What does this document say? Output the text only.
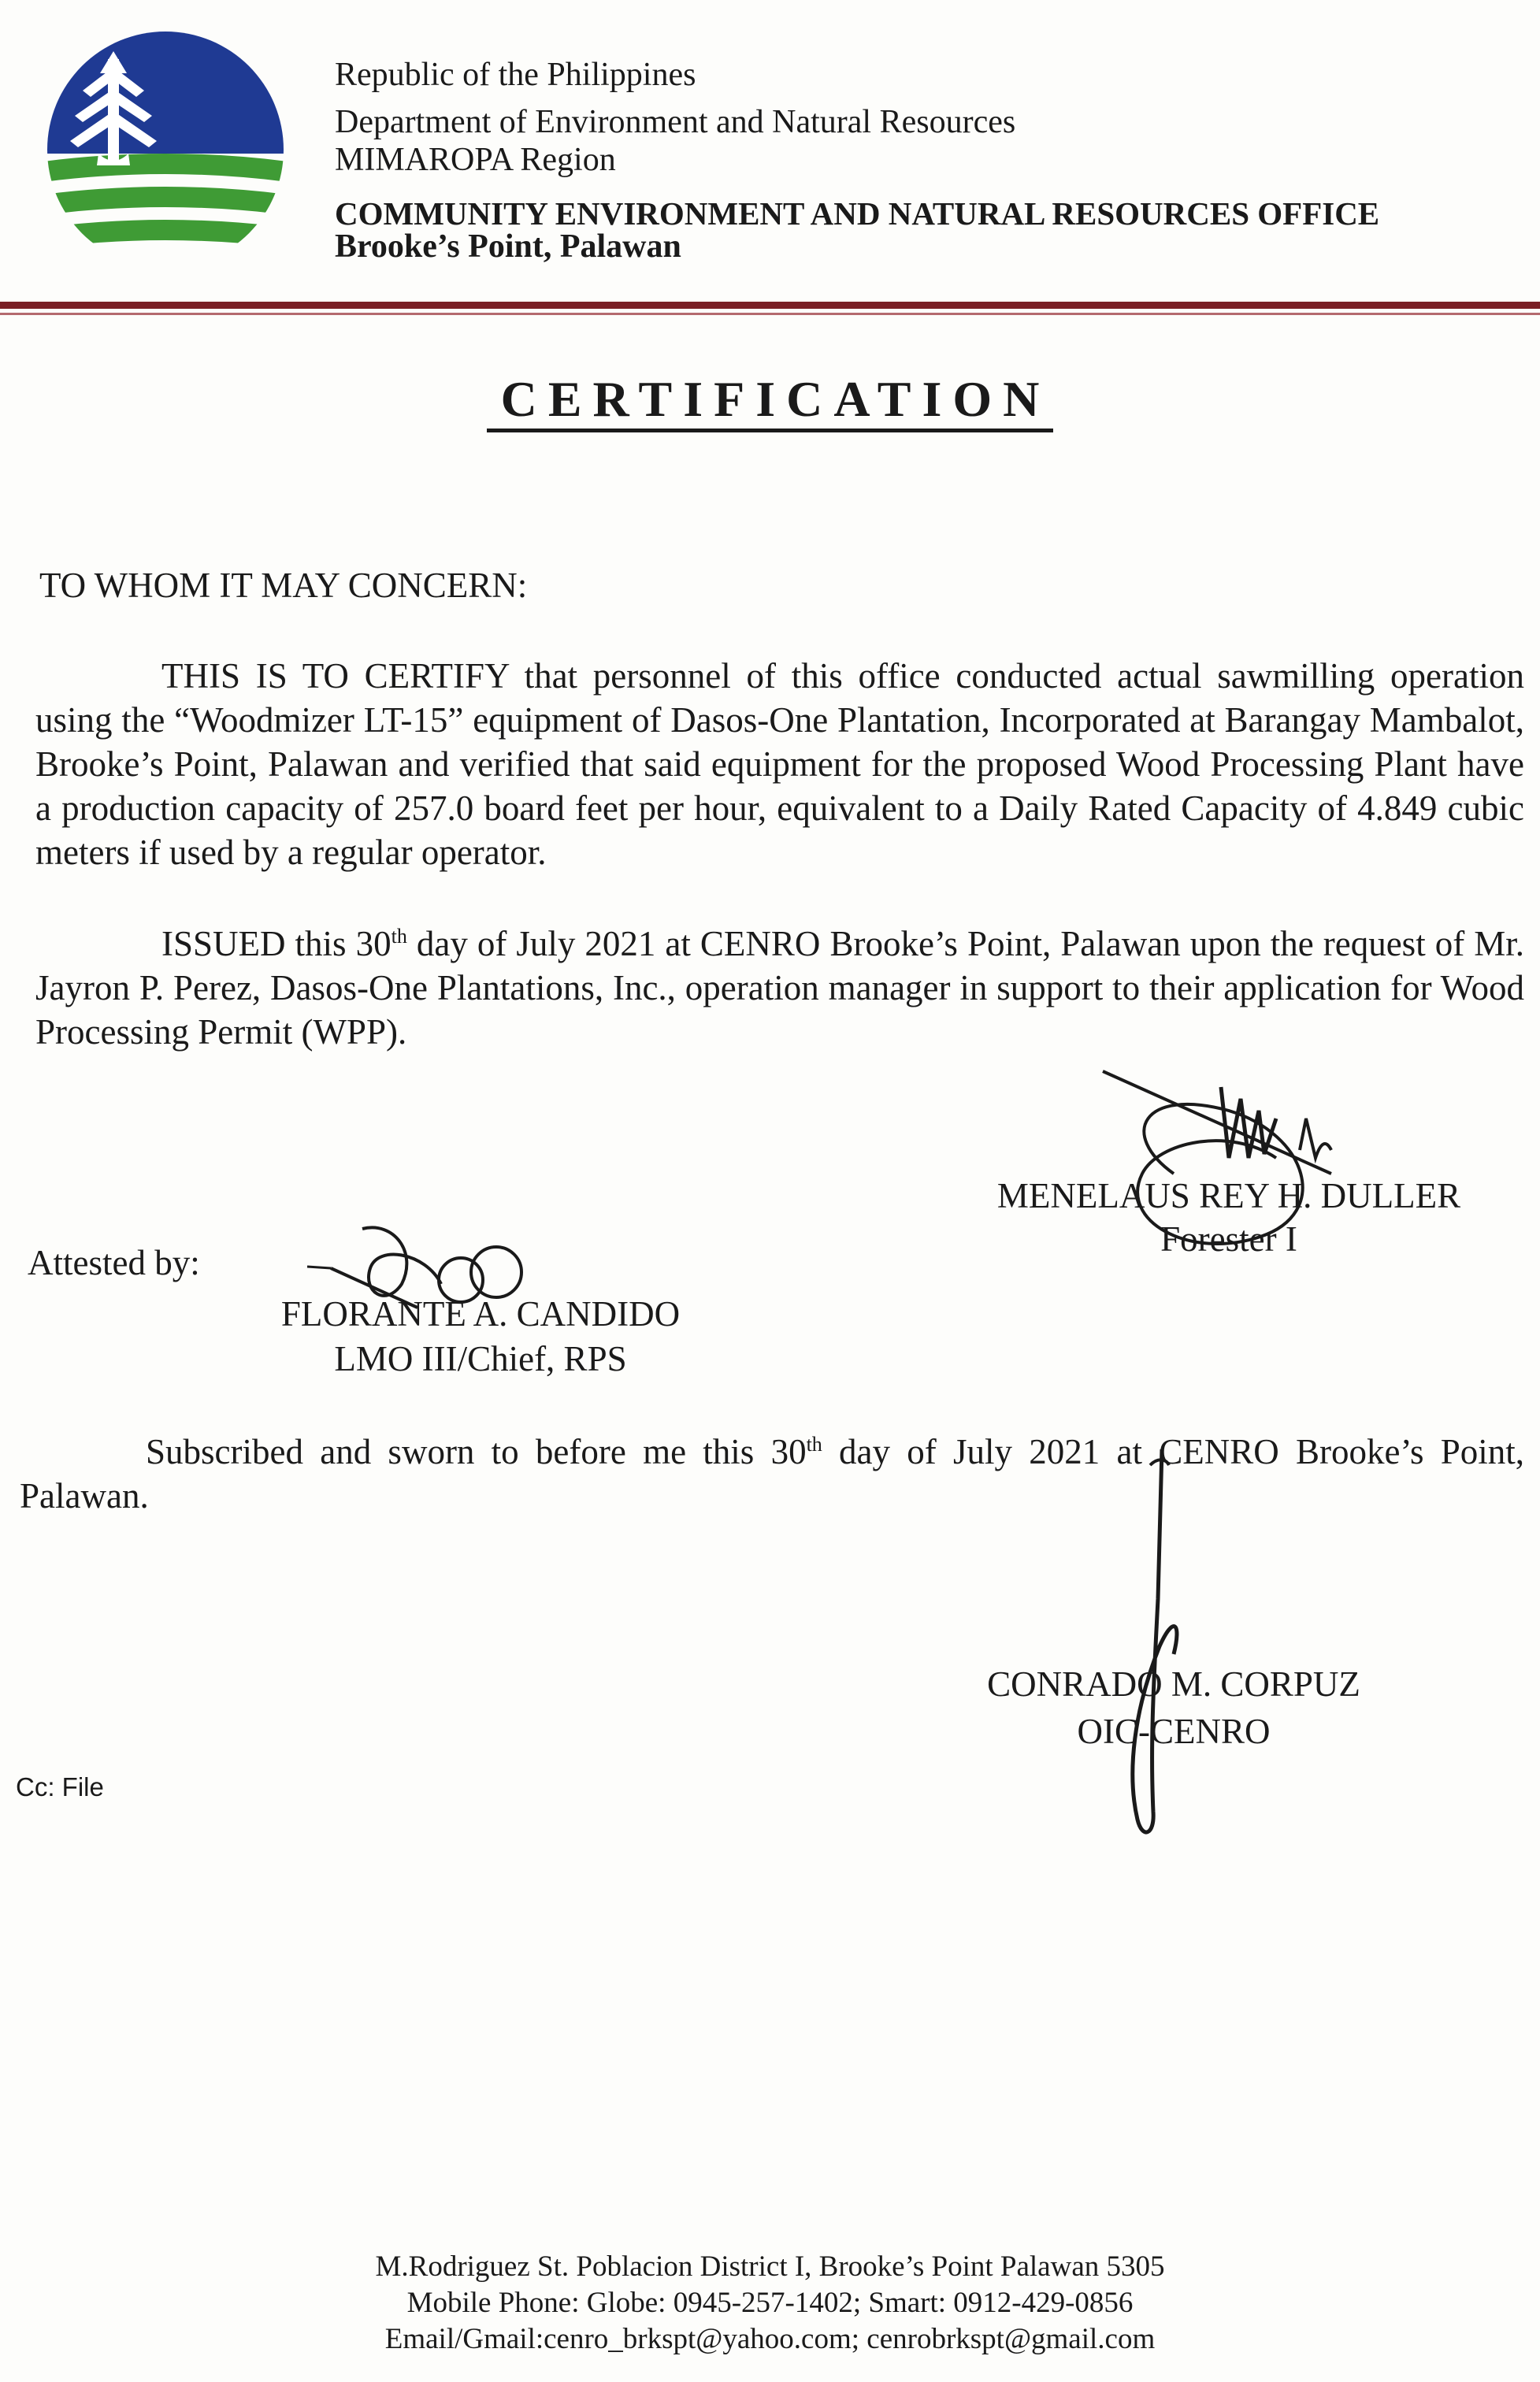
Republic of the Philippines
Department of Environment and Natural Resources
MIMAROPA Region
COMMUNITY ENVIRONMENT AND NATURAL RESOURCES OFFICE
Brooke’s Point, Palawan
CERTIFICATION
TO WHOM IT MAY CONCERN:

THIS IS TO CERTIFY that personnel of this office conducted actual sawmilling operation using the “Woodmizer LT-15” equipment of Dasos-One Plantation, Incorporated at Barangay Mambalot, Brooke’s Point, Palawan and verified that said equipment for the proposed Wood Processing Plant have a production capacity of 257.0 board feet per hour, equivalent to a Daily Rated Capacity of 4.849 cubic meters if used by a regular operator.

ISSUED this 30th day of July 2021 at CENRO Brooke’s Point, Palawan upon the request of Mr. Jayron P. Perez, Dasos-One Plantations, Inc., operation manager in support to their application for Wood Processing Permit (WPP).

MENELAUS REY H. DULLER
Forester I
Attested by:
FLORANTE A. CANDIDO
LMO III/Chief, RPS

Subscribed and sworn to before me this 30th day of July 2021 at CENRO Brooke’s Point, Palawan.

CONRADO M. CORPUZ
OIC-CENRO
Cc: File
M.Rodriguez St. Poblacion District I, Brooke’s Point Palawan 5305
Mobile Phone: Globe: 0945-257-1402; Smart: 0912-429-0856
Email/Gmail:cenro_brkspt@yahoo.com; cenrobrkspt@gmail.com
